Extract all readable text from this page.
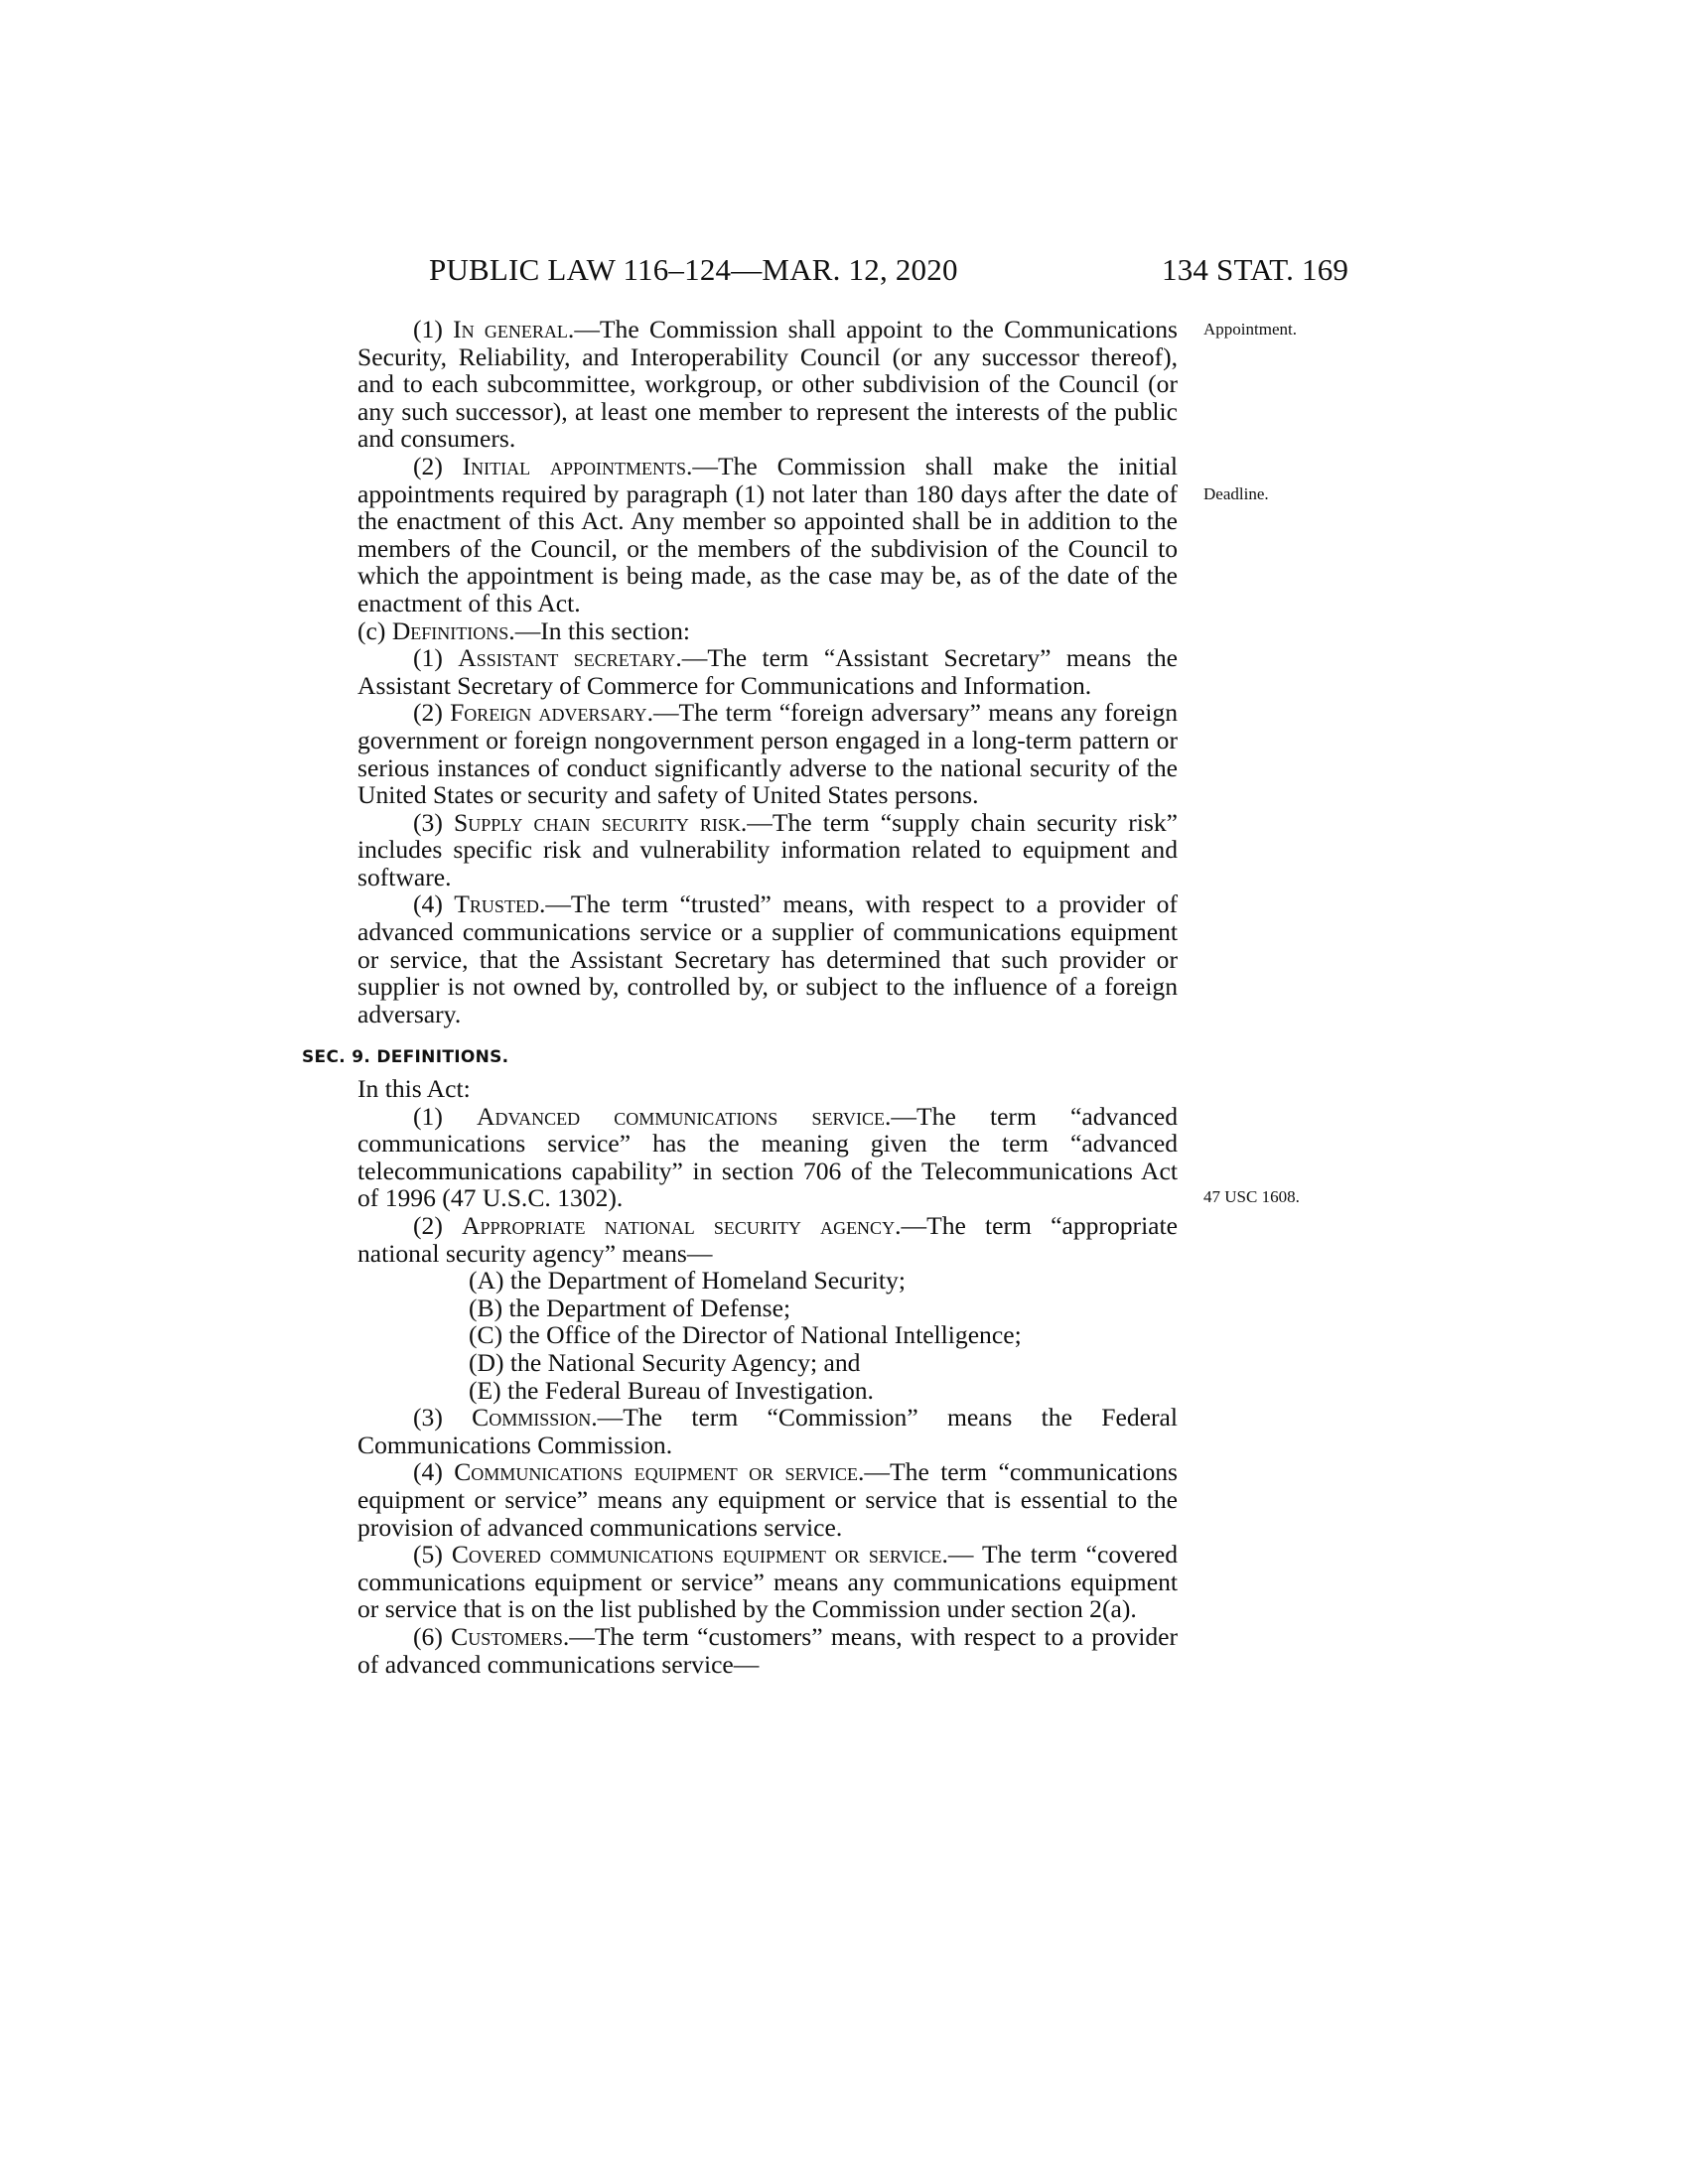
PUBLIC LAW 116–124—MAR. 12, 2020	134 STAT. 169
Appointment.
Deadline.
47 USC 1608.

(1) In general.—The Commission shall appoint to the Communications Security, Reliability, and Interoperability Council (or any successor thereof), and to each subcommittee, workgroup, or other subdivision of the Council (or any such successor), at least one member to represent the interests of the public and consumers.

(2) Initial appointments.—The Commission shall make the initial appointments required by paragraph (1) not later than 180 days after the date of the enactment of this Act. Any member so appointed shall be in addition to the members of the Council, or the members of the subdivision of the Council to which the appointment is being made, as the case may be, as of the date of the enactment of this Act.

(c) Definitions.—In this section:

(1) Assistant secretary.—The term “Assistant Secretary” means the Assistant Secretary of Commerce for Communications and Information.

(2) Foreign adversary.—The term “foreign adversary” means any foreign government or foreign nongovernment person engaged in a long-term pattern or serious instances of conduct significantly adverse to the national security of the United States or security and safety of United States persons.

(3) Supply chain security risk.—The term “supply chain security risk” includes specific risk and vulnerability information related to equipment and software.

(4) Trusted.—The term “trusted” means, with respect to a provider of advanced communications service or a supplier of communications equipment or service, that the Assistant Secretary has determined that such provider or supplier is not owned by, controlled by, or subject to the influence of a foreign adversary.

SEC. 9. DEFINITIONS.

In this Act:

(1) Advanced communications service.—The term “advanced communications service” has the meaning given the term “advanced telecommunications capability” in section 706 of the Telecommunications Act of 1996 (47 U.S.C. 1302).

(2) Appropriate national security agency.—The term “appropriate national security agency” means—

(A) the Department of Homeland Security;

(B) the Department of Defense;

(C) the Office of the Director of National Intelligence;

(D) the National Security Agency; and

(E) the Federal Bureau of Investigation.

(3) Commission.—The term “Commission” means the Federal Communications Commission.

(4) Communications equipment or service.—The term “communications equipment or service” means any equipment or service that is essential to the provision of advanced communications service.

(5) Covered communications equipment or service.— The term “covered communications equipment or service” means any communications equipment or service that is on the list published by the Commission under section 2(a).

(6) Customers.—The term “customers” means, with respect to a provider of advanced communications service—
